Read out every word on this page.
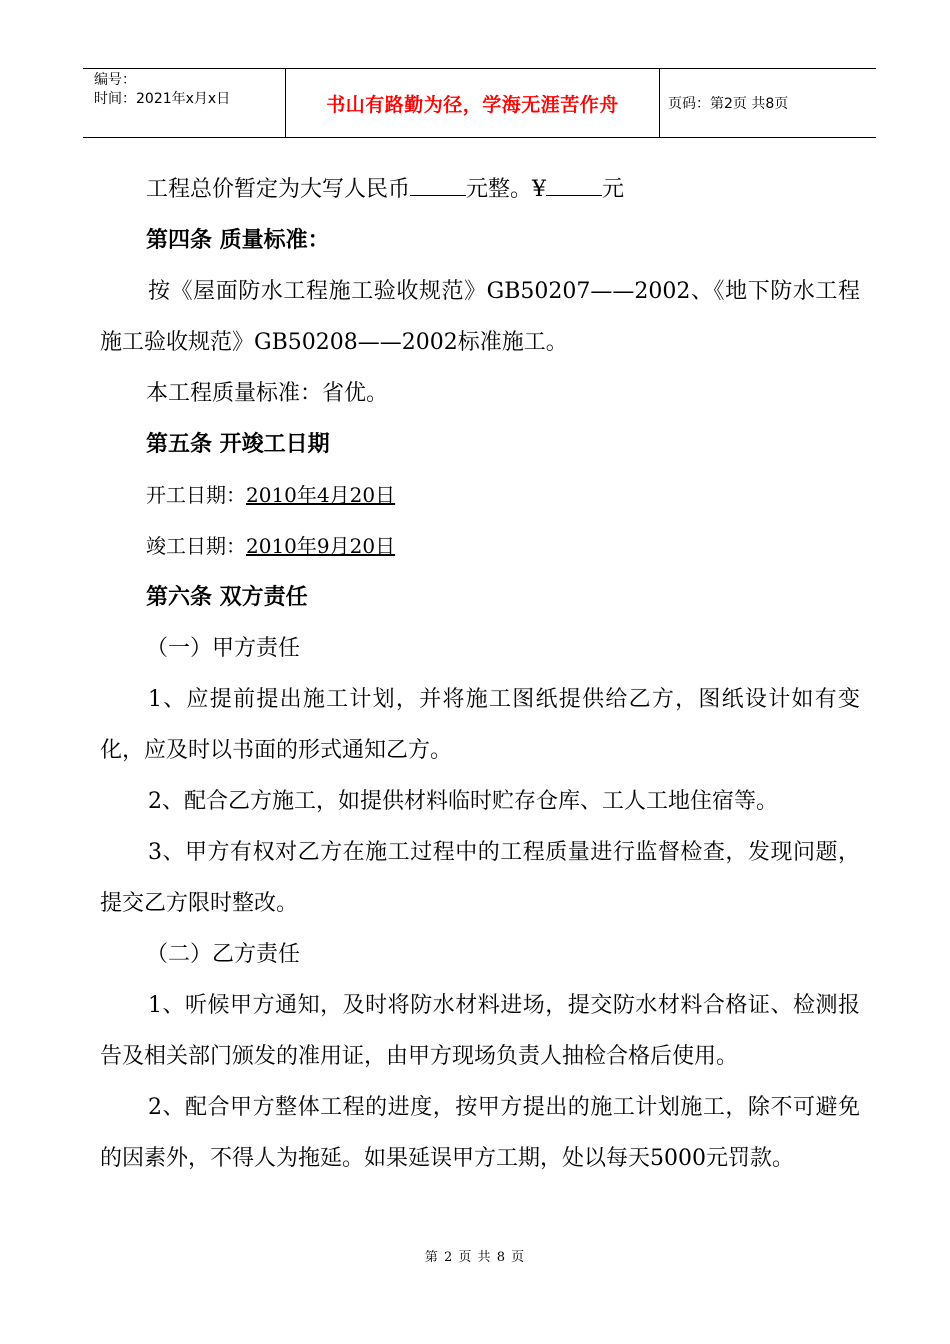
编号：
时间：2021年x月x日	书山有路勤为径，学海无涯苦作舟	页码：第2页 共8页

工程总价暂定为大写人民币	元整。¥	元

第四条 质量标准：

按《屋面防水工程施工验收规范》GB50207——2002、《地下防水工程施工验收规范》GB50208——2002标准施工。

本工程质量标准：省优。

第五条 开竣工日期

开工日期：2010年4月20日

竣工日期：2010年9月20日

第六条 双方责任

（一）甲方责任

1、应提前提出施工计划，并将施工图纸提供给乙方，图纸设计如有变化，应及时以书面的形式通知乙方。

2、配合乙方施工，如提供材料临时贮存仓库、工人工地住宿等。

3、甲方有权对乙方在施工过程中的工程质量进行监督检查，发现问题，提交乙方限时整改。

（二）乙方责任

1、听候甲方通知，及时将防水材料进场，提交防水材料合格证、检测报告及相关部门颁发的准用证，由甲方现场负责人抽检合格后使用。

2、配合甲方整体工程的进度，按甲方提出的施工计划施工，除不可避免的因素外，不得人为拖延。如果延误甲方工期，处以每天5000元罚款。

第 2 页 共 8 页
